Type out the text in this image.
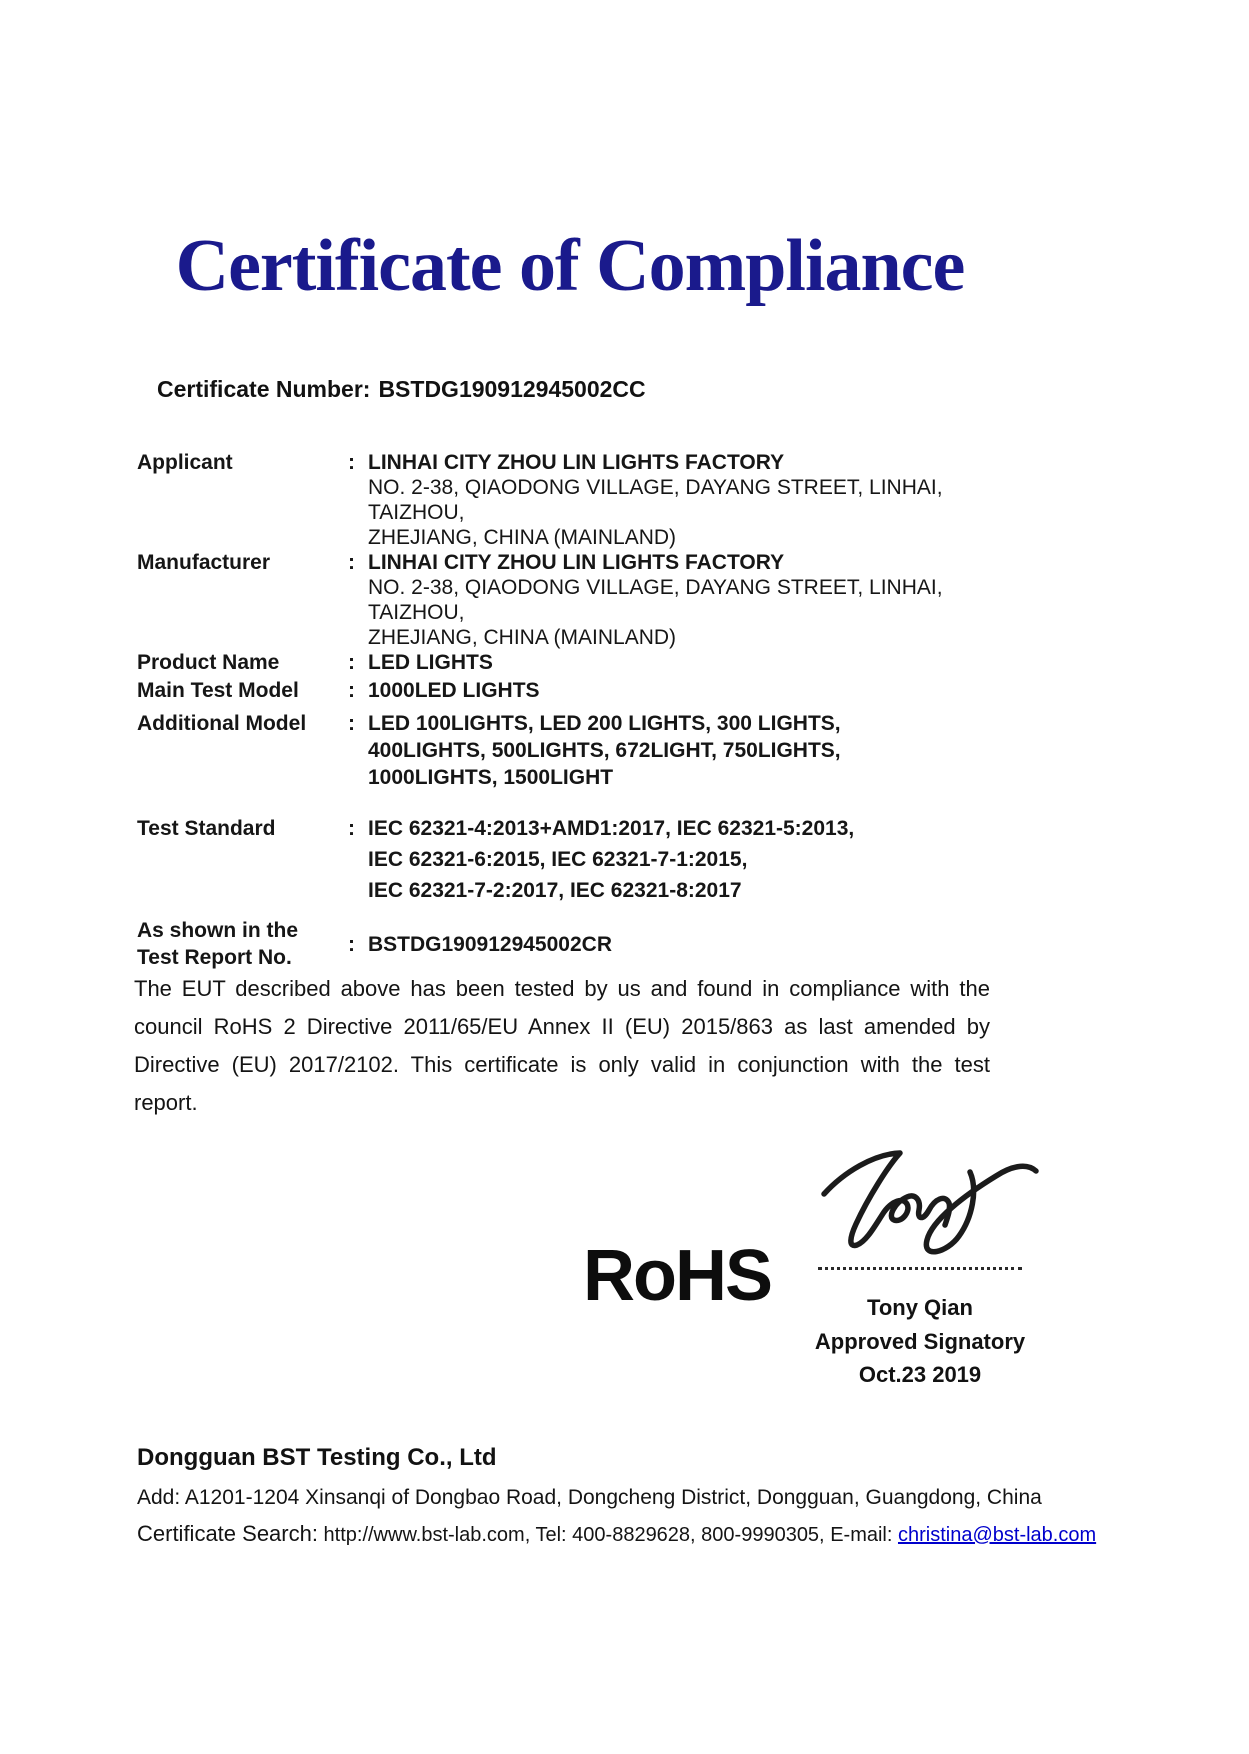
Certificate of Compliance
Certificate Number: BSTDG190912945002CC
Applicant	: LINHAI CITY ZHOU LIN LIGHTS FACTORY
NO. 2-38, QIAODONG VILLAGE, DAYANG STREET, LINHAI, TAIZHOU,
ZHEJIANG, CHINA (MAINLAND)
Manufacturer	: LINHAI CITY ZHOU LIN LIGHTS FACTORY
NO. 2-38, QIAODONG VILLAGE, DAYANG STREET, LINHAI, TAIZHOU,
ZHEJIANG, CHINA (MAINLAND)
Product Name	: LED LIGHTS
Main Test Model	: 1000LED LIGHTS
Additional Model	: LED 100LIGHTS, LED 200 LIGHTS, 300 LIGHTS,
400LIGHTS, 500LIGHTS, 672LIGHT, 750LIGHTS,
1000LIGHTS, 1500LIGHT
Test Standard	: IEC 62321-4:2013+AMD1:2017, IEC 62321-5:2013,
IEC 62321-6:2015, IEC 62321-7-1:2015,
IEC 62321-7-2:2017, IEC 62321-8:2017
As shown in the
Test Report No.
: BSTDG190912945002CR
The EUT described above has been tested by us and found in compliance with the council RoHS 2 Directive 2011/65/EU Annex II (EU) 2015/863 as last amended by Directive (EU) 2017/2102. This certificate is only valid in conjunction with the test report.
RoHS	Tony Qian
Approved Signatory
Oct.23 2019
Dongguan BST Testing Co., Ltd
Add: A1201-1204 Xinsanqi of Dongbao Road, Dongcheng District, Dongguan, Guangdong, China
Certificate Search: http://www.bst-lab.com, Tel: 400-8829628, 800-9990305, E-mail: christina@bst-lab.com
